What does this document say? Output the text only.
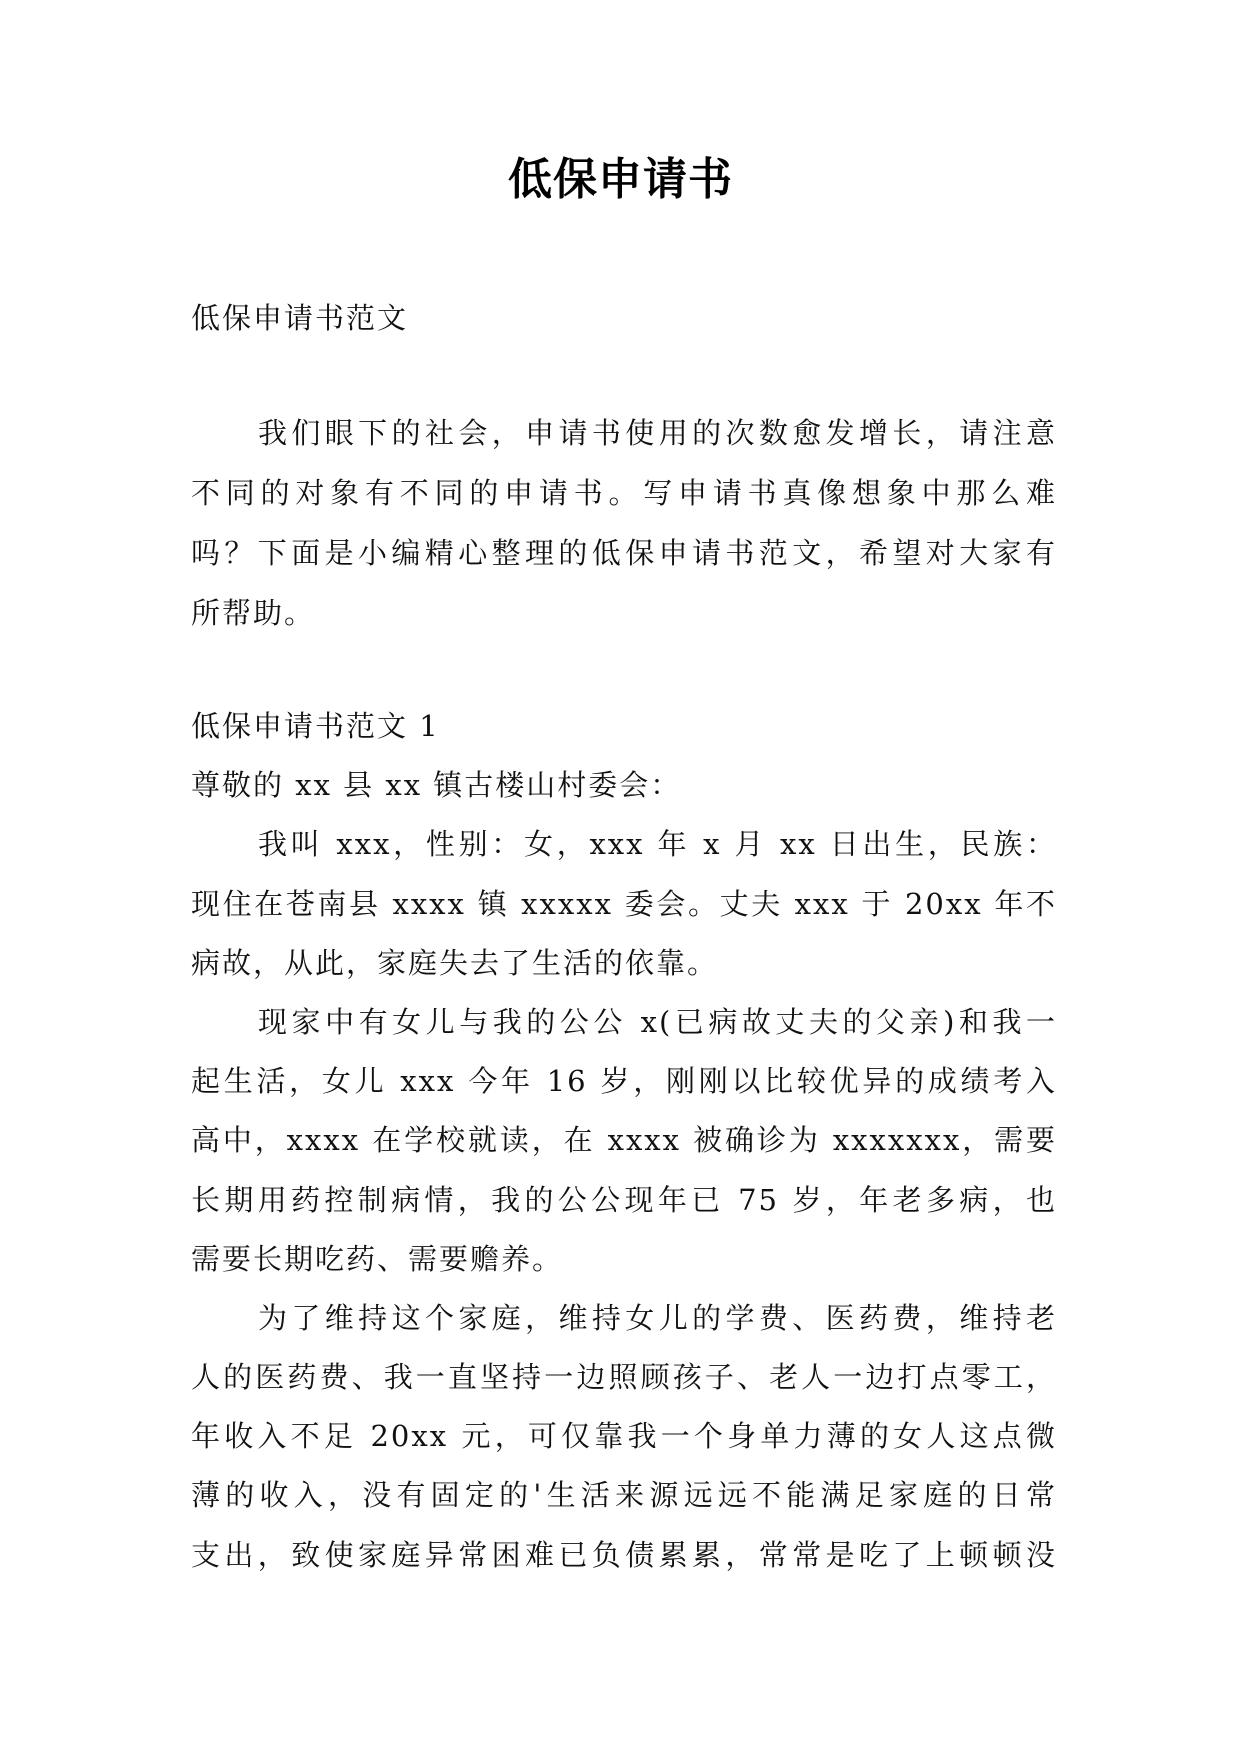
低保申请书
低保申请书范文
我们眼下的社会，申请书使用的次数愈发增长，请注意
不同的对象有不同的申请书。写申请书真像想象中那么难
吗？下面是小编精心整理的低保申请书范文，希望对大家有
所帮助。
低保申请书范文 1
尊敬的 xx 县 xx 镇古楼山村委会：
我叫 xxx，性别：女，xxx 年 x 月 xx 日出生，民族：
现住在苍南县 xxxx 镇 xxxxx 委会。丈夫 xxx 于 20xx 年不
病故，从此，家庭失去了生活的依靠。
现家中有女儿与我的公公 x(已病故丈夫的父亲)和我一
起生活，女儿 xxx 今年 16 岁，刚刚以比较优异的成绩考入
高中，xxxx 在学校就读，在 xxxx 被确诊为 xxxxxxx，需要
长期用药控制病情，我的公公现年已 75 岁，年老多病，也
需要长期吃药、需要赡养。
为了维持这个家庭，维持女儿的学费、医药费，维持老
人的医药费、我一直坚持一边照顾孩子、老人一边打点零工，
年收入不足 20xx 元，可仅靠我一个身单力薄的女人这点微
薄的收入，没有固定的'生活来源远远不能满足家庭的日常
支出，致使家庭异常困难已负债累累，常常是吃了上顿顿没
